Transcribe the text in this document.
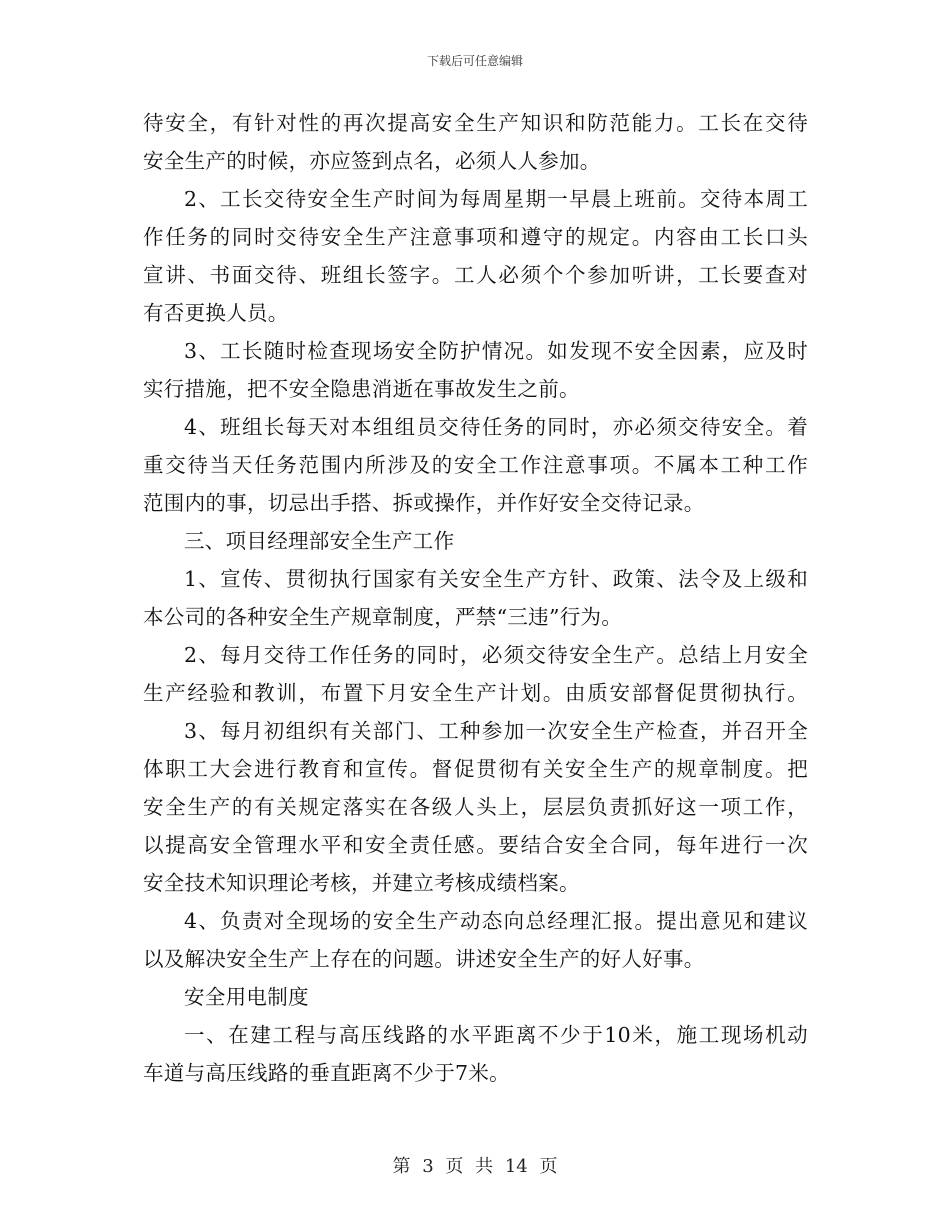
下载后可任意编辑
待安全，有针对性的再次提高安全生产知识和防范能力。工长在交待
安全生产的时候，亦应签到点名，必须人人参加。
2、工长交待安全生产时间为每周星期一早晨上班前。交待本周工
作任务的同时交待安全生产注意事项和遵守的规定。内容由工长口头
宣讲、书面交待、班组长签字。工人必须个个参加听讲，工长要查对
有否更换人员。
3、工长随时检查现场安全防护情况。如发现不安全因素，应及时
实行措施，把不安全隐患消逝在事故发生之前。
4、班组长每天对本组组员交待任务的同时，亦必须交待安全。着
重交待当天任务范围内所涉及的安全工作注意事项。不属本工种工作
范围内的事，切忌出手搭、拆或操作，并作好安全交待记录。
三、项目经理部安全生产工作
1、宣传、贯彻执行国家有关安全生产方针、政策、法令及上级和
本公司的各种安全生产规章制度，严禁“三违”行为。
2、每月交待工作任务的同时，必须交待安全生产。总结上月安全
生产经验和教训，布置下月安全生产计划。由质安部督促贯彻执行。
3、每月初组织有关部门、工种参加一次安全生产检查，并召开全
体职工大会进行教育和宣传。督促贯彻有关安全生产的规章制度。把
安全生产的有关规定落实在各级人头上，层层负责抓好这一项工作，
以提高安全管理水平和安全责任感。要结合安全合同，每年进行一次
安全技术知识理论考核，并建立考核成绩档案。
4、负责对全现场的安全生产动态向总经理汇报。提出意见和建议
以及解决安全生产上存在的问题。讲述安全生产的好人好事。
安全用电制度
一、在建工程与高压线路的水平距离不少于10米，施工现场机动
车道与高压线路的垂直距离不少于7米。
第 3 页 共 14 页
